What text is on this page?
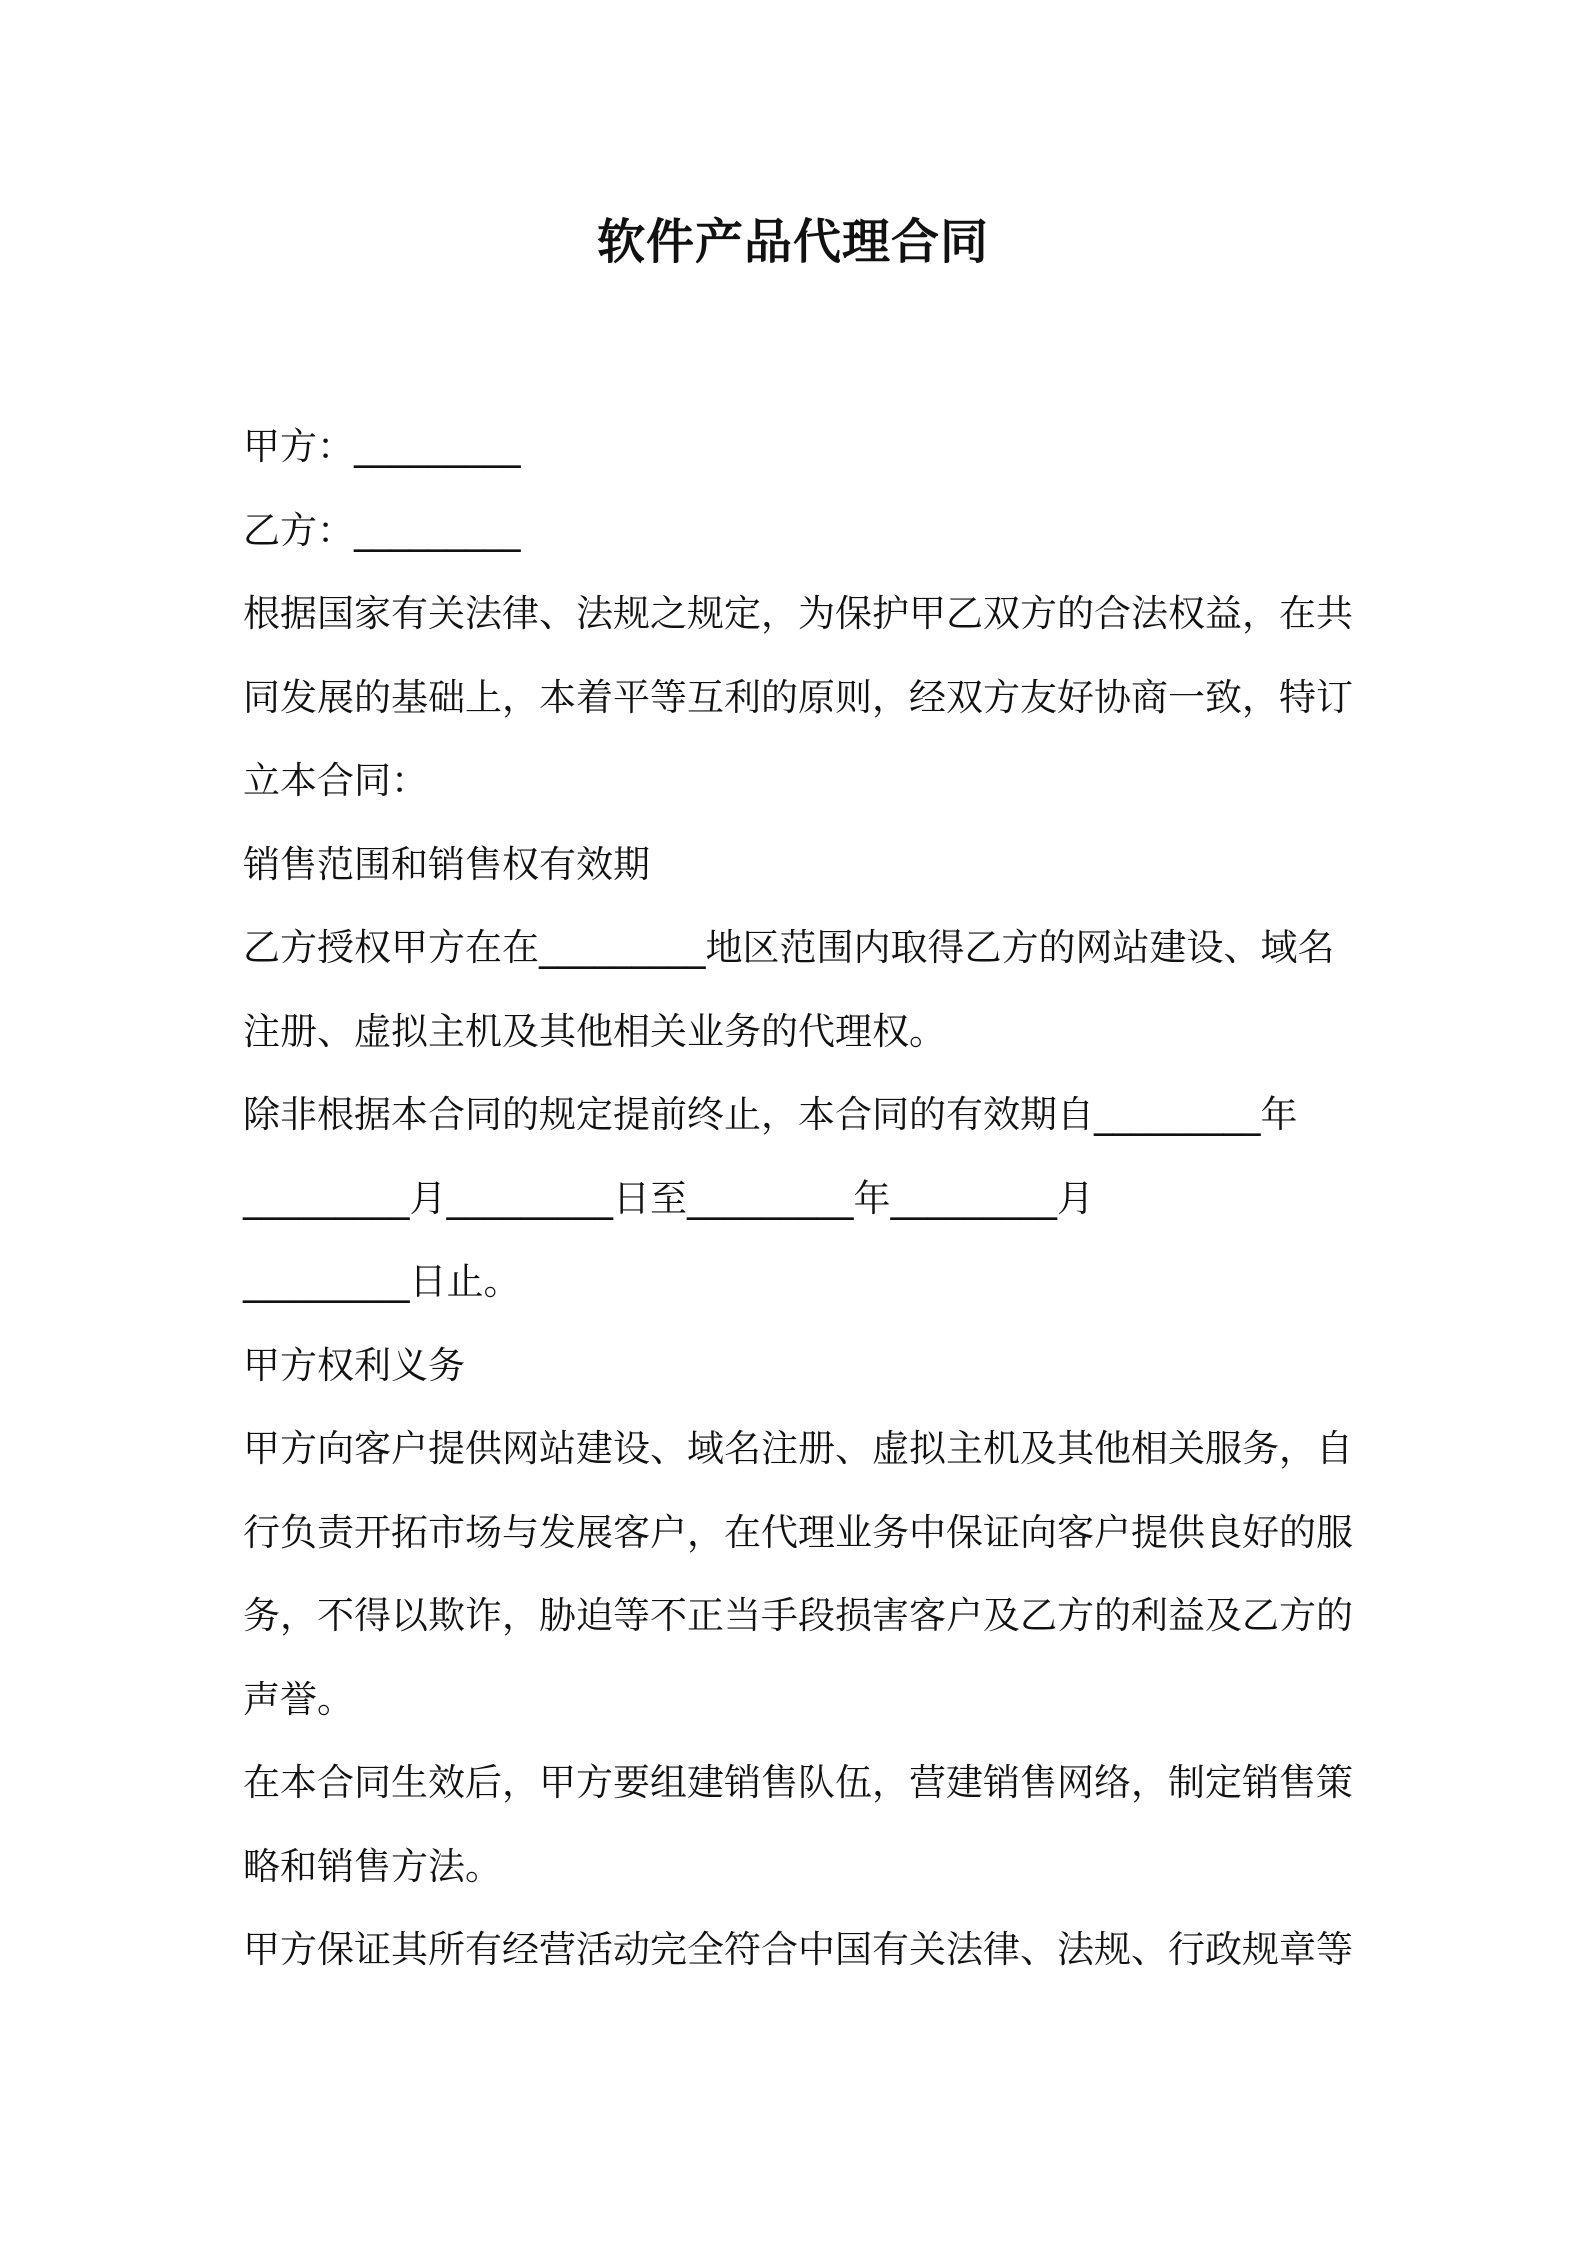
软件产品代理合同
甲方：_________
乙方：_________
根据国家有关法律、法规之规定，为保护甲乙双方的合法权益，在共
同发展的基础上，本着平等互利的原则，经双方友好协商一致，特订
立本合同：
销售范围和销售权有效期
乙方授权甲方在在_________地区范围内取得乙方的网站建设、域名
注册、虚拟主机及其他相关业务的代理权。
除非根据本合同的规定提前终止，本合同的有效期自_________年
_________月_________日至_________年_________月
_________日止。
甲方权利义务
甲方向客户提供网站建设、域名注册、虚拟主机及其他相关服务，自
行负责开拓市场与发展客户，在代理业务中保证向客户提供良好的服
务，不得以欺诈，胁迫等不正当手段损害客户及乙方的利益及乙方的
声誉。
在本合同生效后，甲方要组建销售队伍，营建销售网络，制定销售策
略和销售方法。
甲方保证其所有经营活动完全符合中国有关法律、法规、行政规章等
